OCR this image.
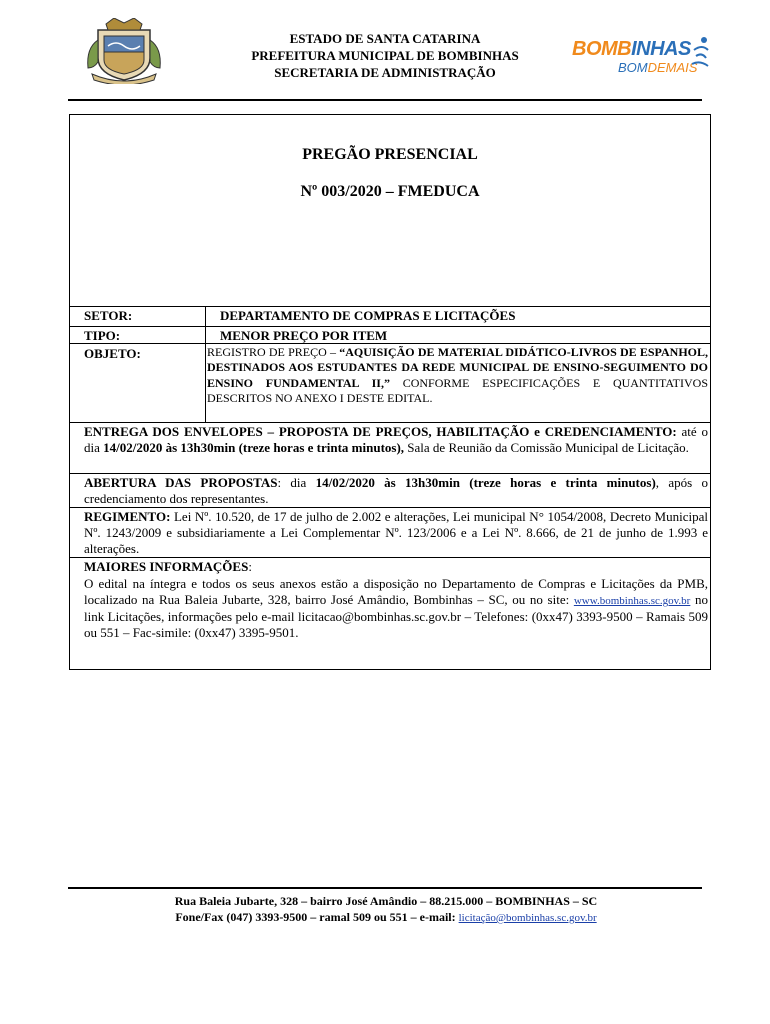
ESTADO DE SANTA CATARINA
PREFEITURA MUNICIPAL DE BOMBINHAS
SECRETARIA DE ADMINISTRAÇÃO
BOMBINHAS
BOMDEMAIS
PREGÃO PRESENCIAL
Nº 003/2020 – FMEDUCA
SETOR:	DEPARTAMENTO DE COMPRAS E LICITAÇÕES
TIPO:	MENOR PREÇO POR ITEM
OBJETO:	REGISTRO DE PREÇO – “AQUISIÇÃO DE MATERIAL DIDÁTICO-LIVROS DE ESPANHOL, DESTINADOS AOS ESTUDANTES DA REDE MUNICIPAL DE ENSINO-SEGUIMENTO DO ENSINO FUNDAMENTAL II,” CONFORME ESPECIFICAÇÕES E QUANTITATIVOS DESCRITOS NO ANEXO I DESTE EDITAL.
ENTREGA DOS ENVELOPES – PROPOSTA DE PREÇOS, HABILITAÇÃO e CREDENCIAMENTO: até o dia 14/02/2020 às 13h30min (treze horas e trinta minutos), Sala de Reunião da Comissão Municipal de Licitação.
ABERTURA DAS PROPOSTAS: dia 14/02/2020 às 13h30min (treze horas e trinta minutos), após o credenciamento dos representantes.
REGIMENTO: Lei Nº. 10.520, de 17 de julho de 2.002 e alterações, Lei municipal N° 1054/2008, Decreto Municipal Nº. 1243/2009 e subsidiariamente a Lei Complementar Nº. 123/2006 e a Lei Nº. 8.666, de 21 de junho de 1.993 e alterações.
MAIORES INFORMAÇÕES:
O edital na íntegra e todos os seus anexos estão a disposição no Departamento de Compras e Licitações da PMB, localizado na Rua Baleia Jubarte, 328, bairro José Amândio, Bombinhas – SC, ou no site: www.bombinhas.sc.gov.br no link Licitações, informações pelo e-mail licitacao@bombinhas.sc.gov.br – Telefones: (0xx47) 3393-9500 – Ramais 509 ou 551 – Fac-simile: (0xx47) 3395-9501.
Rua Baleia Jubarte, 328 – bairro José Amândio – 88.215.000 – BOMBINHAS – SC
Fone/Fax (047) 3393-9500 – ramal 509 ou 551 – e-mail: licitação@bombinhas.sc.gov.br
